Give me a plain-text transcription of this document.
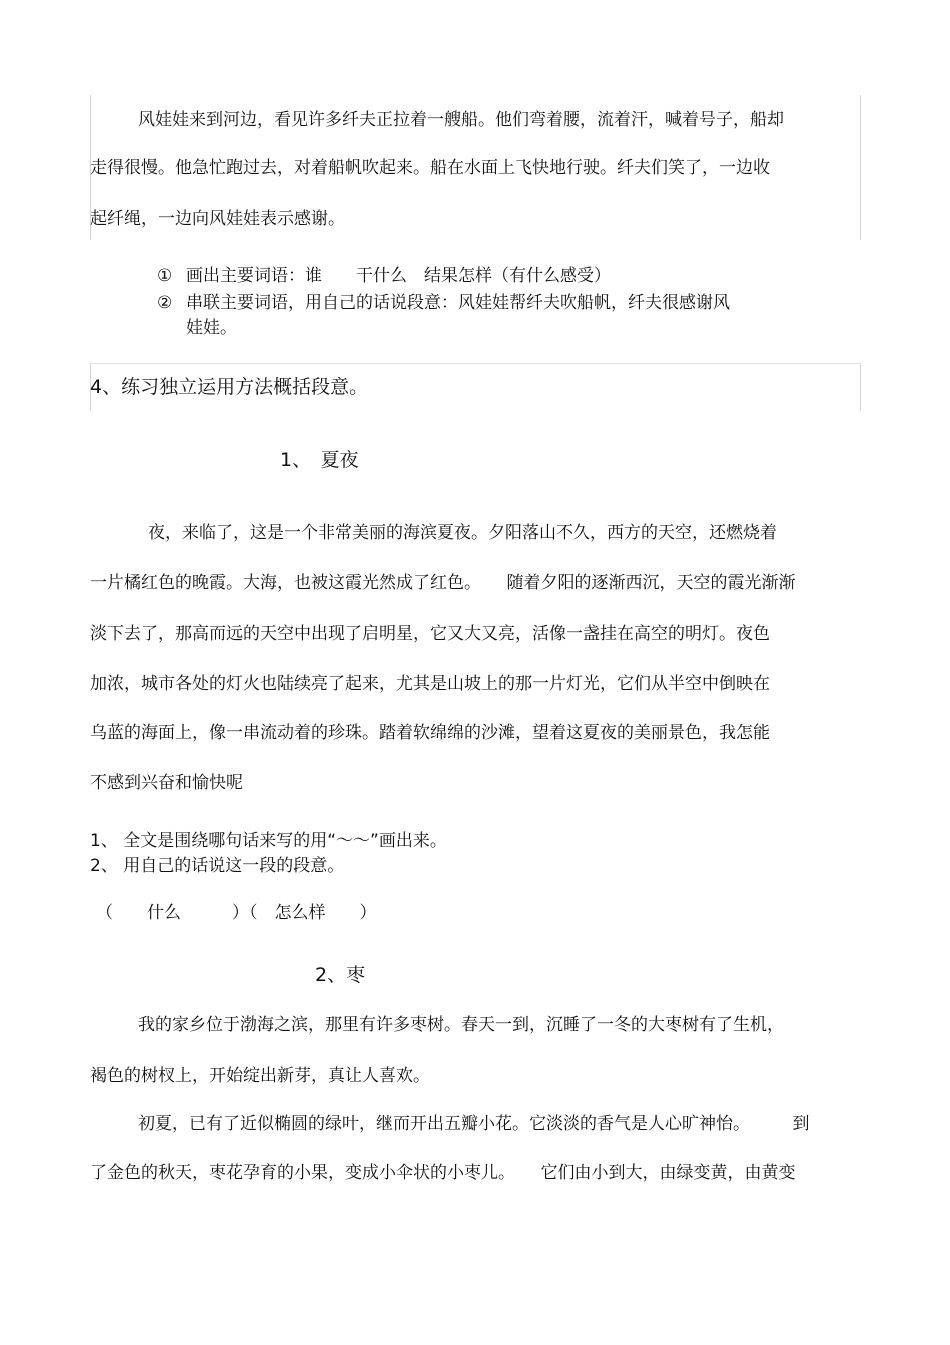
风娃娃来到河边，看见许多纤夫正拉着一艘船。他们弯着腰，流着汗，喊着号子，船却
走得很慢。他急忙跑过去，对着船帆吹起来。船在水面上飞快地行驶。纤夫们笑了，一边收
起纤绳，一边向风娃娃表示感谢。
① 画出主要词语：谁　　干什么　结果怎样（有什么感受）
② 串联主要词语，用自己的话说段意：风娃娃帮纤夫吹船帆，纤夫很感谢风
娃娃。
4、练习独立运用方法概括段意。
1、　夏夜
夜，来临了，这是一个非常美丽的海滨夏夜。夕阳落山不久，西方的天空，还燃烧着
一片橘红色的晚霞。大海，也被这霞光然成了红色。　　随着夕阳的逐渐西沉，天空的霞光渐渐
淡下去了，那高而远的天空中出现了启明星，它又大又亮，活像一盏挂在高空的明灯。夜色
加浓，城市各处的灯火也陆续亮了起来，尤其是山坡上的那一片灯光，它们从半空中倒映在
乌蓝的海面上，像一串流动着的珍珠。踏着软绵绵的沙滩，望着这夏夜的美丽景色，我怎能
不感到兴奋和愉快呢
1、 全文是围绕哪句话来写的用“～～”画出来。
2、 用自己的话说这一段的段意。
（　　什么　　　）（　怎么样　　）
2、枣
我的家乡位于渤海之滨，那里有许多枣树。春天一到，沉睡了一冬的大枣树有了生机，
褐色的树杈上，开始绽出新芽，真让人喜欢。
初夏，已有了近似椭圆的绿叶，继而开出五瓣小花。它淡淡的香气是人心旷神怡。　　　到
了金色的秋天，枣花孕育的小果，变成小伞状的小枣儿。　　它们由小到大，由绿变黄，由黄变
